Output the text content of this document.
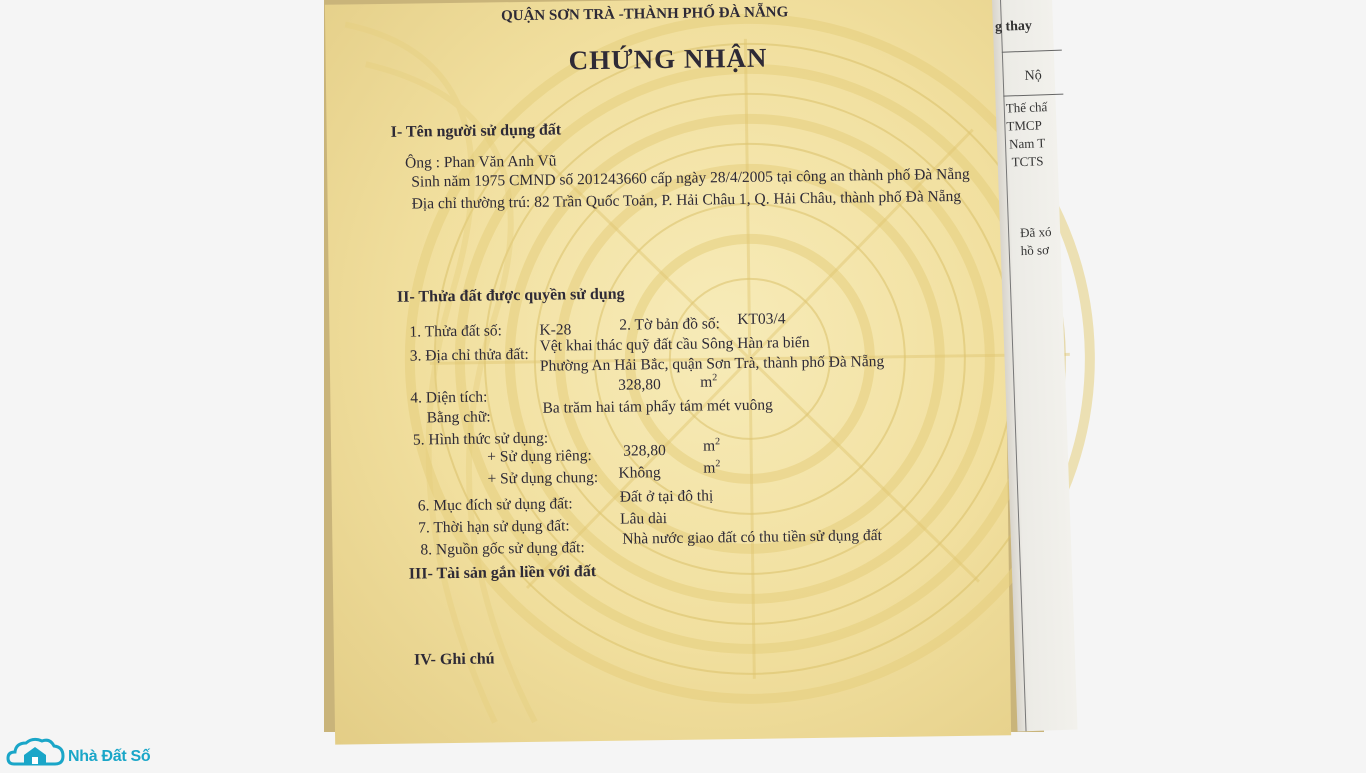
QUẬN SƠN TRÀ -THÀNH PHỐ ĐÀ NẴNG
CHỨNG NHẬN
I- Tên người sử dụng đất
Ông : Phan Văn Anh Vũ
Sinh năm 1975 CMND số 201243660 cấp ngày 28/4/2005 tại công an thành phố Đà Nẵng
Địa chỉ thường trú: 82 Trần Quốc Toản, P. Hải Châu 1, Q. Hải Châu, thành phố Đà Nẵng
II- Thửa đất được quyền sử dụng
1. Thửa đất số: K-28	2. Tờ bản đồ số: KT03/4
3. Địa chỉ thửa đất:
Vệt khai thác quỹ đất cầu Sông Hàn ra biển
Phường An Hải Bắc, quận Sơn Trà, thành phố Đà Nẵng
4. Diện tích:
328,80	$m^2$
Bằng chữ:
Ba trăm hai tám phẩy tám mét vuông
5. Hình thức sử dụng:
+ Sử dụng riêng: 328,80 $m^2$
+ Sử dụng chung: Không	$m^2$
6. Mục đích sử dụng đất:	Đất ở tại đô thị
7. Thời hạn sử dụng đất:	Lâu dài
8. Nguồn gốc sử dụng đất:
Nhà nước giao đất có thu tiền sử dụng đất
III- Tài sản gắn liền với đất
IV- Ghi chú
g thay
Nộ
Thế chấ
TMCP
Nam T
TCTS
Đã xó
hồ sơ
Nhà Đất Số
